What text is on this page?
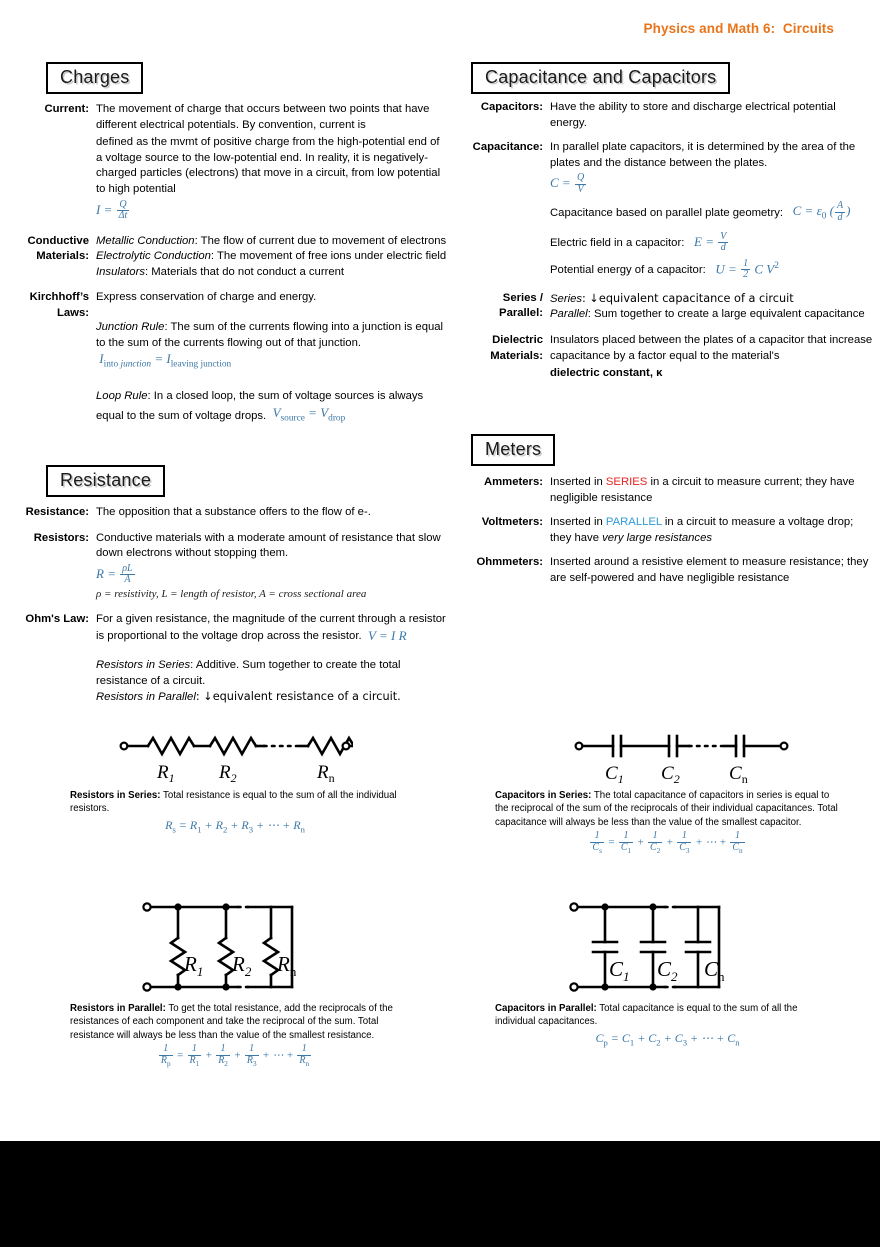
Physics and Math 6:  Circuits
Charges
Current: The movement of charge that occurs between two points that have different electrical potentials. By convention, current is
defined as the mvmt of positive charge from the high-potential end of a voltage source to the low-potential end. In reality, it is negatively-charged particles (electrons) that move in a circuit, from low potential to high potential
$I = \frac{Q}{\Delta t}$
Conductive
Materials:
Metallic Conduction: The flow of current due to movement of electrons
Electrolytic Conduction: The movement of free ions under electric field
Insulators: Materials that do not conduct a current
Kirchhoff’s
Laws:
Express conservation of charge and energy.
Junction Rule: The sum of the currents flowing into a junction is equal to the sum of the currents flowing out of that junction.  $I_{into junction} = I_{leaving junction}$
Loop Rule: In a closed loop, the sum of voltage sources is always equal to the sum of voltage drops.  $V_{source} = V_{drop}$
Resistance
Resistance: The opposition that a substance offers to the flow of e-.
Resistors: Conductive materials with a moderate amount of resistance that slow down electrons without stopping them.
$R = \frac{\rho L}{A}$
ρ = resistivity, L = length of resistor, A = cross sectional area
Ohm's Law: For a given resistance, the magnitude of the current through a resistor is proportional to the voltage drop across the resistor.  V = I R
Resistors in Series: Additive. Sum together to create the total resistance of a circuit.
Resistors in Parallel: ↓equivalent resistance of a circuit.
$R_1$ $R_2$	$R_n$
Resistors in Series: Total resistance is equal to the sum of all the individual resistors.
$R_s = R_1 + R_2 + R_3$ + ⋯ + $R_n$
$R_1$ $R_2$ $R_n$
Resistors in Parallel: To get the total resistance, add the reciprocals of the resistances of each component and take the reciprocal of the sum. Total resistance will always be less than the value of the smallest resistance.
$\frac{1}{R_p} = \frac{1}{R_1} + \frac{1}{R_2} + \frac{1}{R_3}$ + ⋯ + $\frac{1}{R_n}$
Capacitance and Capacitors
Capacitors: Have the ability to store and discharge electrical potential energy.
Capacitance: In parallel plate capacitors, it is determined by the area of the plates and the distance between the plates.
$C = \frac{Q}{V}$
Capacitance based on parallel plate geometry:   $C = \varepsilon_0$ ( $\frac{A}{d}$ )
Electric field in a capacitor:   $E = \frac{V}{d}$
Potential energy of a capacitor:   $U = \frac{1}{2}$ C $V^2$
Series /
Parallel:
Series: ↓equivalent capacitance of a circuit
Parallel: Sum together to create a large equivalent capacitance
Dielectric
Materials:
Insulators placed between the plates of a capacitor that increase capacitance by a factor equal to the material's
dielectric constant, κ
Meters
Ammeters: Inserted in SERIES in a circuit to measure current; they have negligible resistance
Voltmeters: Inserted in PARALLEL in a circuit to measure a voltage drop; they have very large resistances
Ohmmeters: Inserted around a resistive element to measure resistance; they are self-powered and have negligible resistance
$C_1$ $C_2$	$C_n$
Capacitors in Series: The total capacitance of capacitors in series is equal to the reciprocal of the sum of the reciprocals of their individual capacitances. Total capacitance will always be less than the value of the smallest capacitor.
$\frac{1}{C_s} = \frac{1}{C_1} + \frac{1}{C_2} + \frac{1}{C_3}$ + ⋯ + $\frac{1}{C_n}$
$C_1$ $C_2$ $C_n$
Capacitors in Parallel: Total capacitance is equal to the sum of all the individual capacitances.
$C_p = C_1 + C_2 + C_3$ + ⋯ + $C_n$
